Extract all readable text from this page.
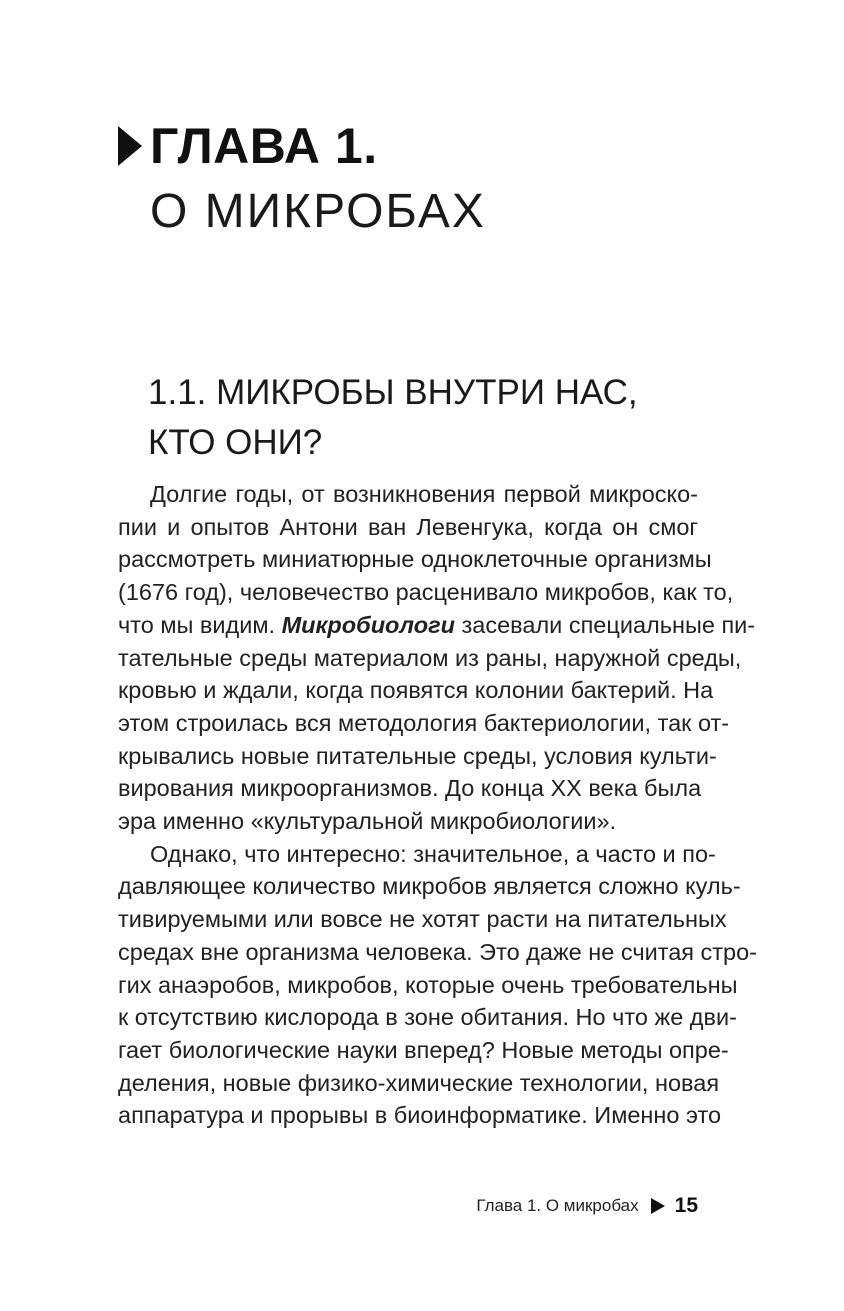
ГЛАВА 1.
О МИКРОБАХ
1.1. МИКРОБЫ ВНУТРИ НАС,
КТО ОНИ?
Долгие годы, от возникновения первой микроско-
пии и опытов Антони ван Левенгука, когда он смог
рассмотреть миниатюрные одноклеточные организмы
(1676 год), человечество расценивало микробов, как то,
что мы видим. Микробиологи засевали специальные пи-
тательные среды материалом из раны, наружной среды,
кровью и ждали, когда появятся колонии бактерий. На
этом строилась вся методология бактериологии, так от-
крывались новые питательные среды, условия культи-
вирования микроорганизмов. До конца XX века была
эра именно «культуральной микробиологии».
Однако, что интересно: значительное, а часто и по-
давляющее количество микробов является сложно куль-
тивируемыми или вовсе не хотят расти на питательных
средах вне организма человека. Это даже не считая стро-
гих анаэробов, микробов, которые очень требовательны
к отсутствию кислорода в зоне обитания. Но что же дви-
гает биологические науки вперед? Новые методы опре-
деления, новые физико-химические технологии, новая
аппаратура и прорывы в биоинформатике. Именно это
Глава 1. О микробах 15
